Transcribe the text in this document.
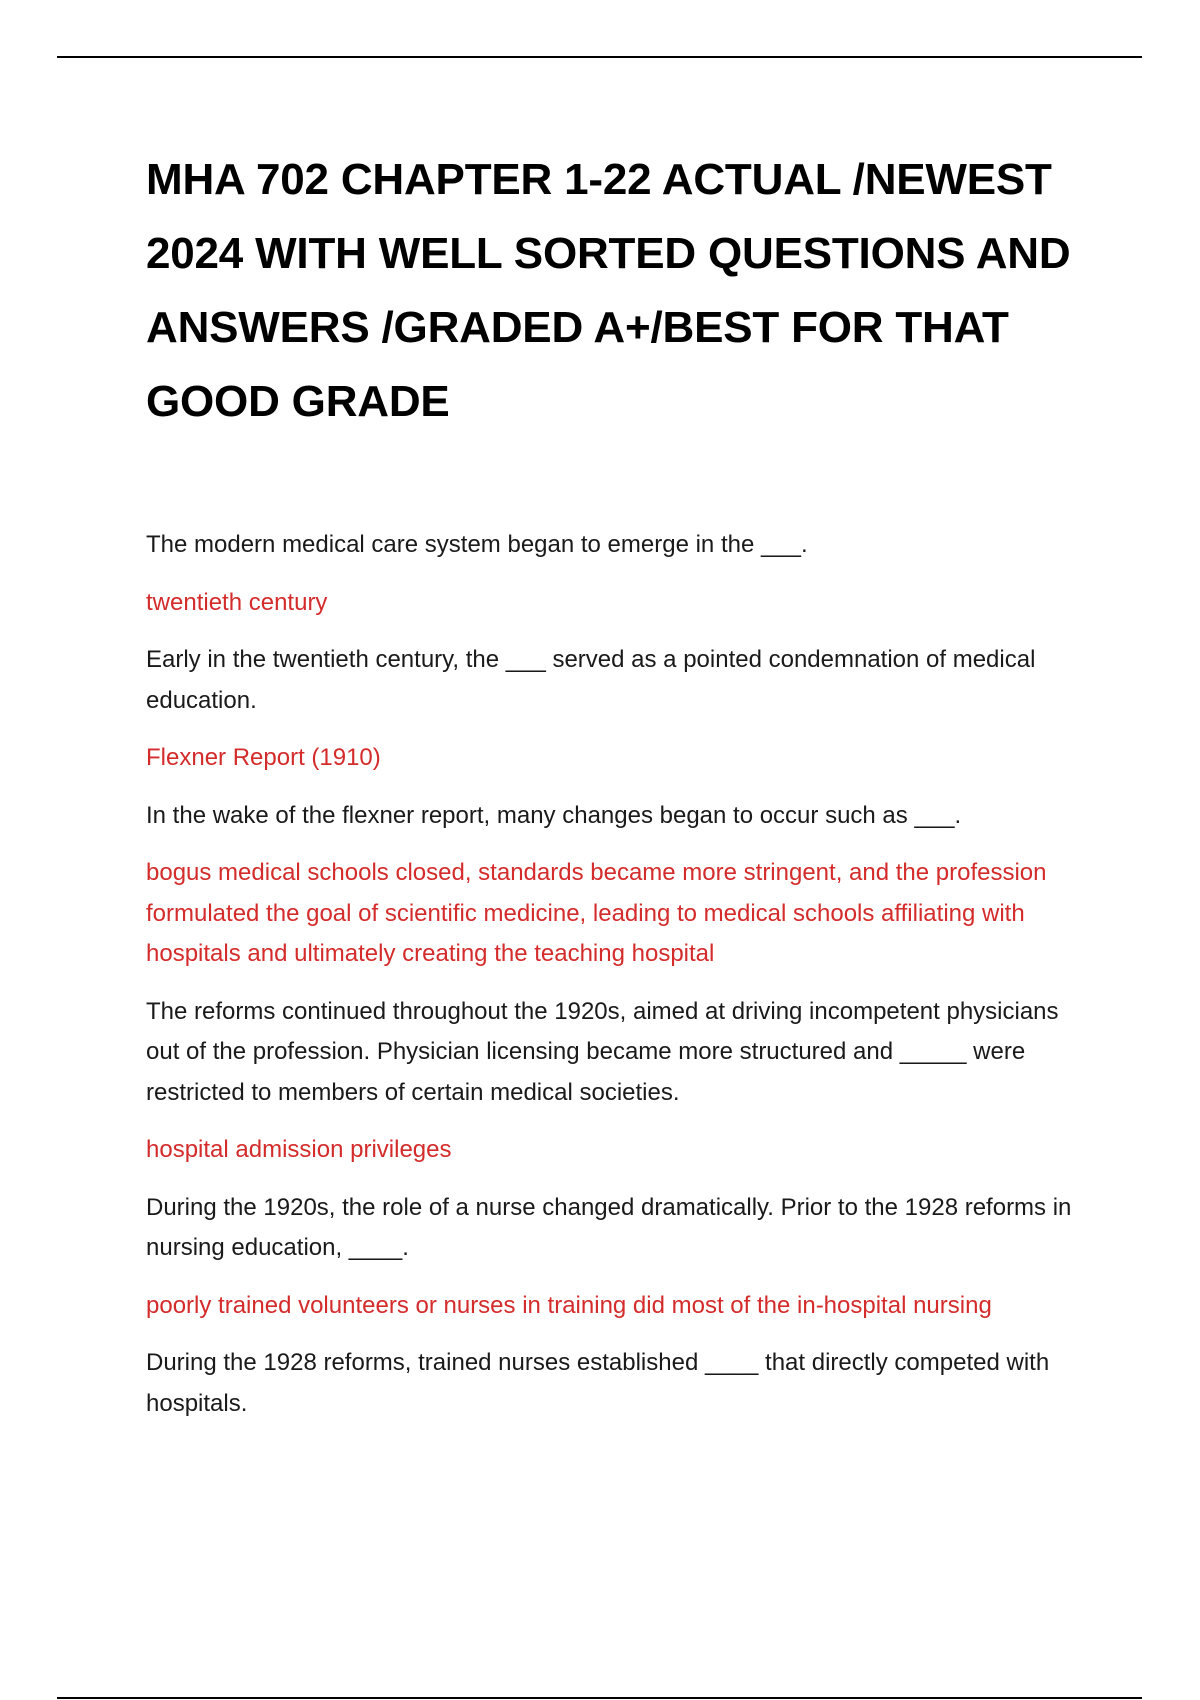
MHA 702 CHAPTER 1-22 ACTUAL /NEWEST 2024 WITH WELL SORTED QUESTIONS AND ANSWERS /GRADED A+/BEST FOR THAT GOOD GRADE

The modern medical care system began to emerge in the ___.

twentieth century

Early in the twentieth century, the ___ served as a pointed condemnation of medical education.

Flexner Report (1910)

In the wake of the flexner report, many changes began to occur such as ___.

bogus medical schools closed, standards became more stringent, and the profession formulated the goal of scientific medicine, leading to medical schools affiliating with hospitals and ultimately creating the teaching hospital

The reforms continued throughout the 1920s, aimed at driving incompetent physicians out of the profession. Physician licensing became more structured and _____ were restricted to members of certain medical societies.

hospital admission privileges

During the 1920s, the role of a nurse changed dramatically. Prior to the 1928 reforms in nursing education, ____.

poorly trained volunteers or nurses in training did most of the in-hospital nursing

During the 1928 reforms, trained nurses established ____ that directly competed with hospitals.
